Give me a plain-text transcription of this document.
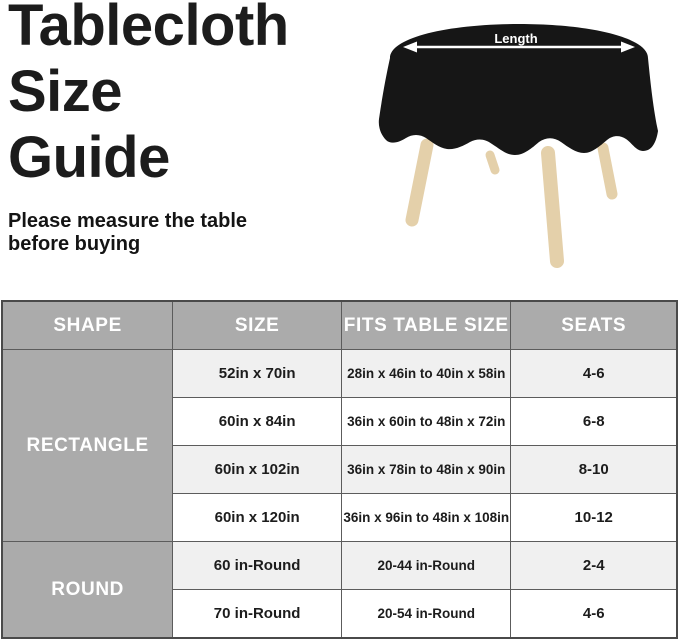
Tablecloth
Size
Guide
Please measure the table
before buying
Length
SHAPE	SIZE	FITS TABLE SIZE	SEATS
RECTANGLE	52in x 70in	28in x 46in to 40in x 58in	4-6
	60in x 84in	36in x 60in to 48in x 72in	6-8
	60in x 102in	36in x 78in to 48in x 90in	8-10
	60in x 120in	36in x 96in to 48in x 108in	10-12
ROUND	60 in-Round	20-44 in-Round	2-4
	70 in-Round	20-54 in-Round	4-6
